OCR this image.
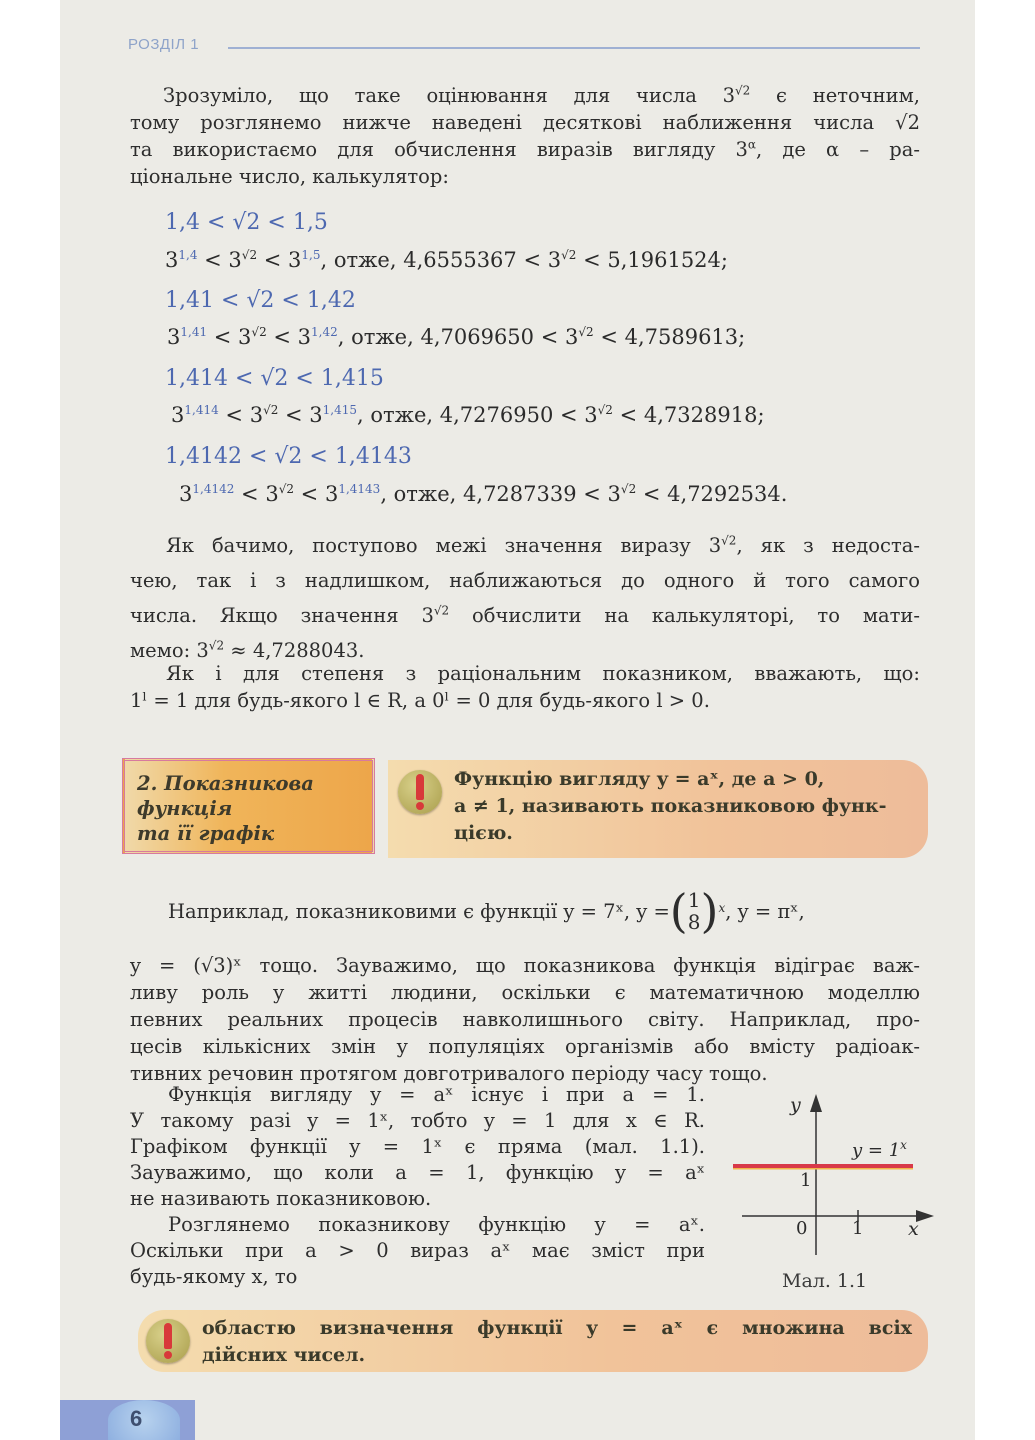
РОЗДІЛ 1
Зрозуміло, що таке оцінювання для числа $3^{√2}$ є неточним,
тому розглянемо нижче наведені десяткові наближення числа √2
та використаємо для обчислення виразів вигляду $3^\alpha$, де α – ра-
ціональне число, калькулятор:
1,4 < √2 < 1,5
$3^{1,4} < 3^{√2} < 3^{1,5}$, отже, $4,6555367 < 3^{√2} < 5,1961524$;
1,41 < √2 < 1,42
$3^{1,41} < 3^{√2} < 3^{1,42}$, отже, $4,7069650 < 3^{√2} < 4,7589613$;
1,414 < √2 < 1,415
$3^{1,414} < 3^{√2} < 3^{1,415}$, отже, $4,7276950 < 3^{√2} < 4,7328918$;
1,4142 < √2 < 1,4143
$3^{1,4142} < 3^{√2} < 3^{1,4143}$, отже, $4,7287339 < 3^{√2} < 4,7292534$.
Як бачимо, поступово межі значення виразу $3^{√2}$, як з недоста-
чею, так і з надлишком, наближаються до одного й того самого
числа. Якщо значення $3^{√2}$ обчислити на калькуляторі, то мати-
мемо: $3^{√2} \approx 4,7288043$.
Як і для степеня з раціональним показником, вважають, що:
1ˡ = 1 для будь-якого l ∈ R, а 0ˡ = 0 для будь-якого l > 0.
2. Показникова
функція
та її графік
Функцію вигляду y = aˣ, де a > 0,
a ≠ 1, називають показниковою функ-
цією.
Наприклад, показниковими є функції y = 7ˣ, y = ( 1
8 ) x , y = πˣ,
y = (√3)ˣ тощо. Зауважимо, що показникова функція відіграє важ-
ливу роль у житті людини, оскільки є математичною моделлю
певних реальних процесів навколишнього світу. Наприклад, про-
цесів кількісних змін у популяціях організмів або вмісту радіоак-
тивних речовин протягом довготривалого періоду часу тощо.
Функція вигляду y = aˣ існує і при a = 1.
У такому разі y = 1ˣ, тобто y = 1 для x ∈ R.
Графіком функції y = 1ˣ є пряма (мал. 1.1).
Зауважимо, що коли a = 1, функцію y = aˣ
не називають показниковою.
Розглянемо показникову функцію y = aˣ.
Оскільки при a > 0 вираз aˣ має зміст при
будь-якому x, то
y
x
0 1
1
$y = 1^x$
Мал. 1.1
областю визначення функції y = aˣ є множина всіх
дійсних чисел.
6
